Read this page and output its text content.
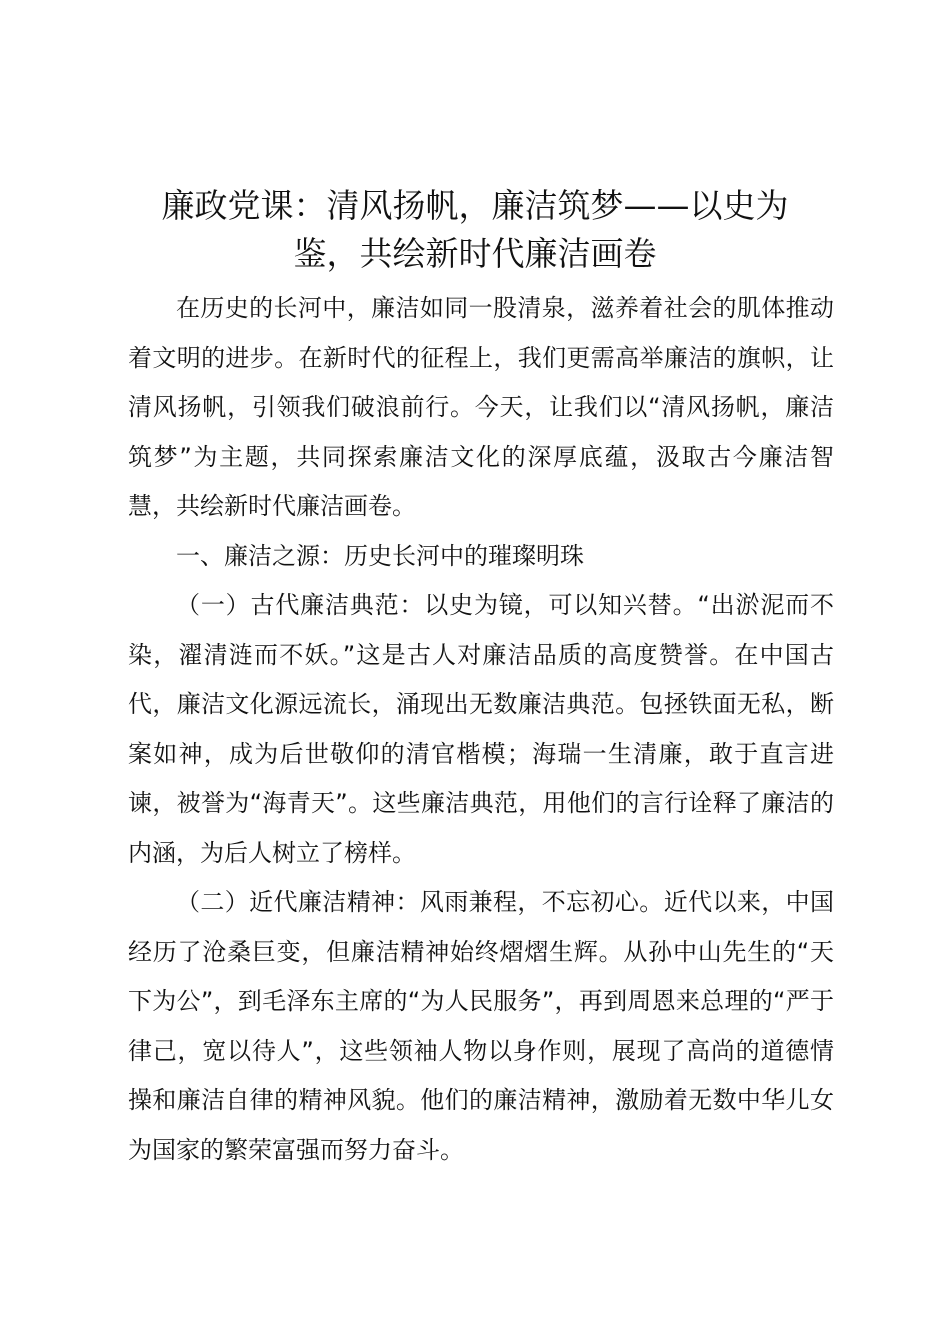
廉政党课：清风扬帆，廉洁筑梦——以史为
鉴，共绘新时代廉洁画卷

在历史的长河中，廉洁如同一股清泉，滋养着社会的肌体推动着文明的进步。在新时代的征程上，我们更需高举廉洁的旗帜，让清风扬帆，引领我们破浪前行。今天，让我们以“清风扬帆，廉洁筑梦”为主题，共同探索廉洁文化的深厚底蕴，汲取古今廉洁智慧，共绘新时代廉洁画卷。

一、廉洁之源：历史长河中的璀璨明珠

（一）古代廉洁典范：以史为镜，可以知兴替。“出淤泥而不染，濯清涟而不妖。”这是古人对廉洁品质的高度赞誉。在中国古代，廉洁文化源远流长，涌现出无数廉洁典范。包拯铁面无私，断案如神，成为后世敬仰的清官楷模；海瑞一生清廉，敢于直言进谏，被誉为“海青天”。这些廉洁典范，用他们的言行诠释了廉洁的内涵，为后人树立了榜样。

（二）近代廉洁精神：风雨兼程，不忘初心。近代以来，中国经历了沧桑巨变，但廉洁精神始终熠熠生辉。从孙中山先生的“天下为公”，到毛泽东主席的“为人民服务”，再到周恩来总理的“严于律己，宽以待人”，这些领袖人物以身作则，展现了高尚的道德情操和廉洁自律的精神风貌。他们的廉洁精神，激励着无数中华儿女为国家的繁荣富强而努力奋斗。
